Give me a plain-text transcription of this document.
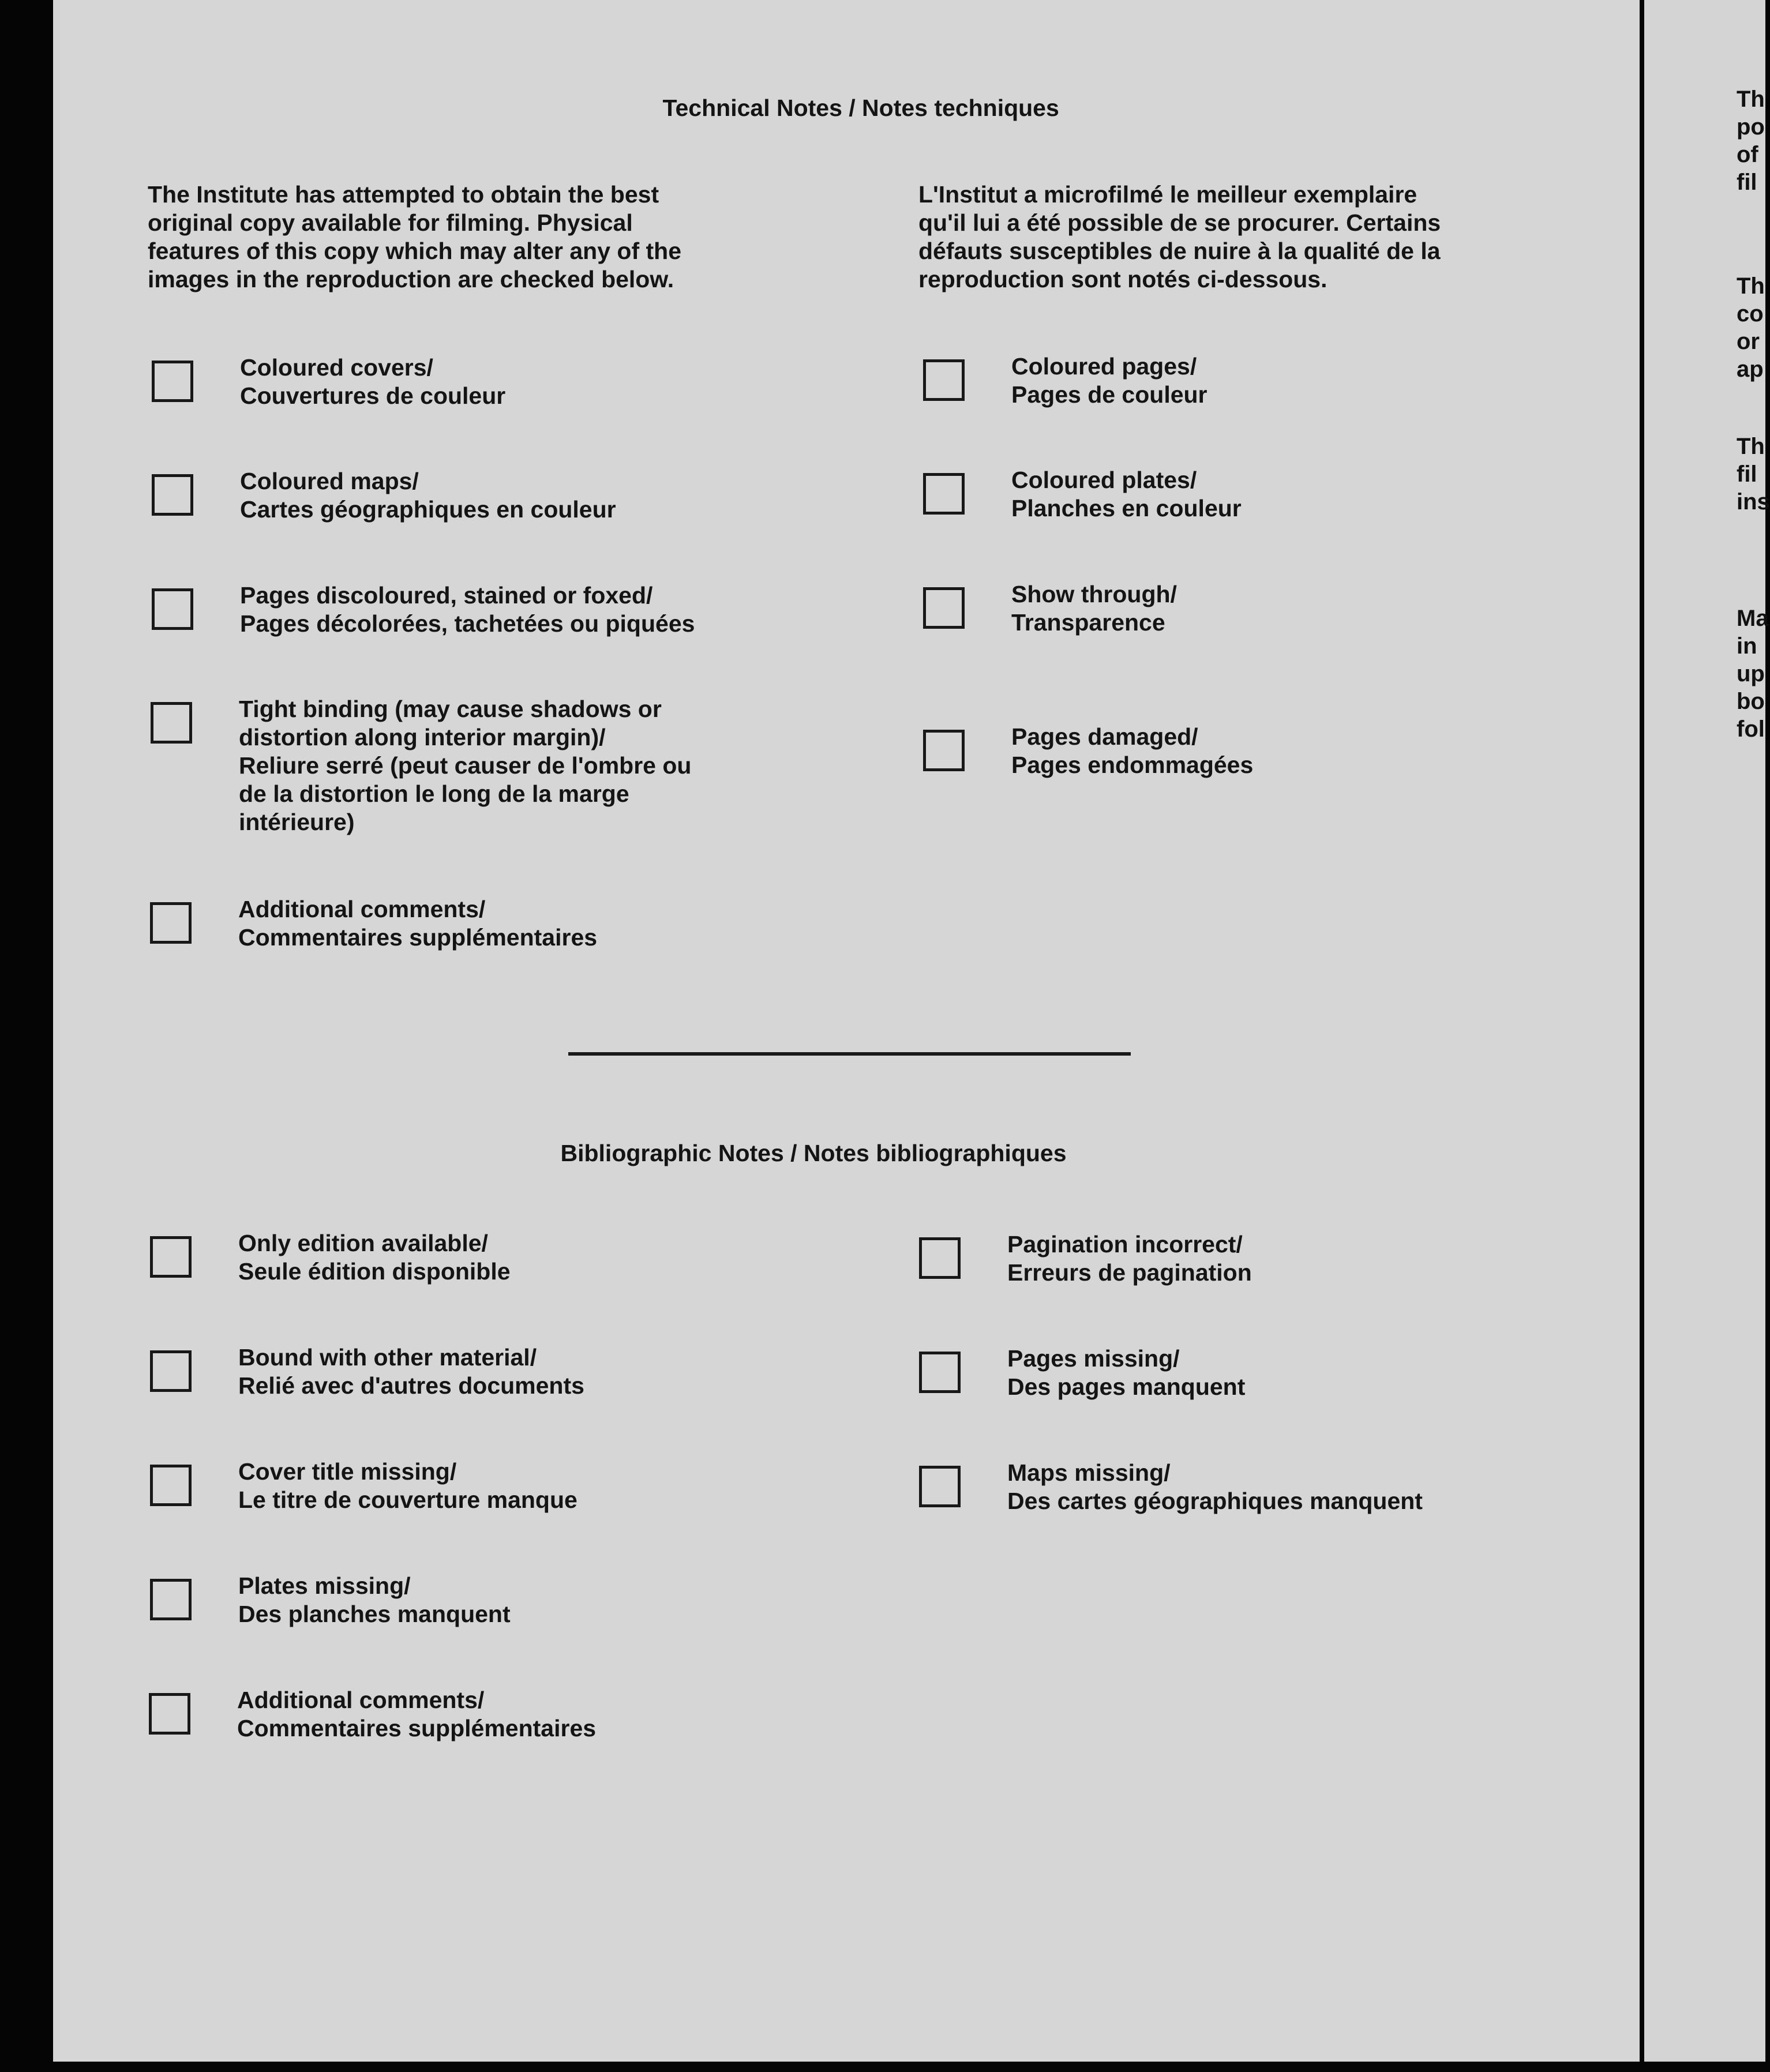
Th
po
of
fil
Th
co
or
ap
Th
fil
ins
Ma
in
up
bo
fol
Technical Notes / Notes techniques
The Institute has attempted to obtain the best
original copy available for filming. Physical
features of this copy which may alter any of the
images in the reproduction are checked below.
L'Institut a microfilmé le meilleur exemplaire
qu'il lui a été possible de se procurer. Certains
défauts susceptibles de nuire à la qualité de la
reproduction sont notés ci-dessous.
Coloured covers/
Couvertures de couleur
Coloured maps/
Cartes géographiques en couleur
Pages discoloured, stained or foxed/
Pages décolorées, tachetées ou piquées
Tight binding (may cause shadows or
distortion along interior margin)/
Reliure serré (peut causer de l'ombre ou
de la distortion le long de la marge
intérieure)
Additional comments/
Commentaires supplémentaires
Coloured pages/
Pages de couleur
Coloured plates/
Planches en couleur
Show through/
Transparence
Pages damaged/
Pages endommagées
Bibliographic Notes / Notes bibliographiques
Only edition available/
Seule édition disponible
Bound with other material/
Relié avec d'autres documents
Cover title missing/
Le titre de couverture manque
Plates missing/
Des planches manquent
Additional comments/
Commentaires supplémentaires
Pagination incorrect/
Erreurs de pagination
Pages missing/
Des pages manquent
Maps missing/
Des cartes géographiques manquent
